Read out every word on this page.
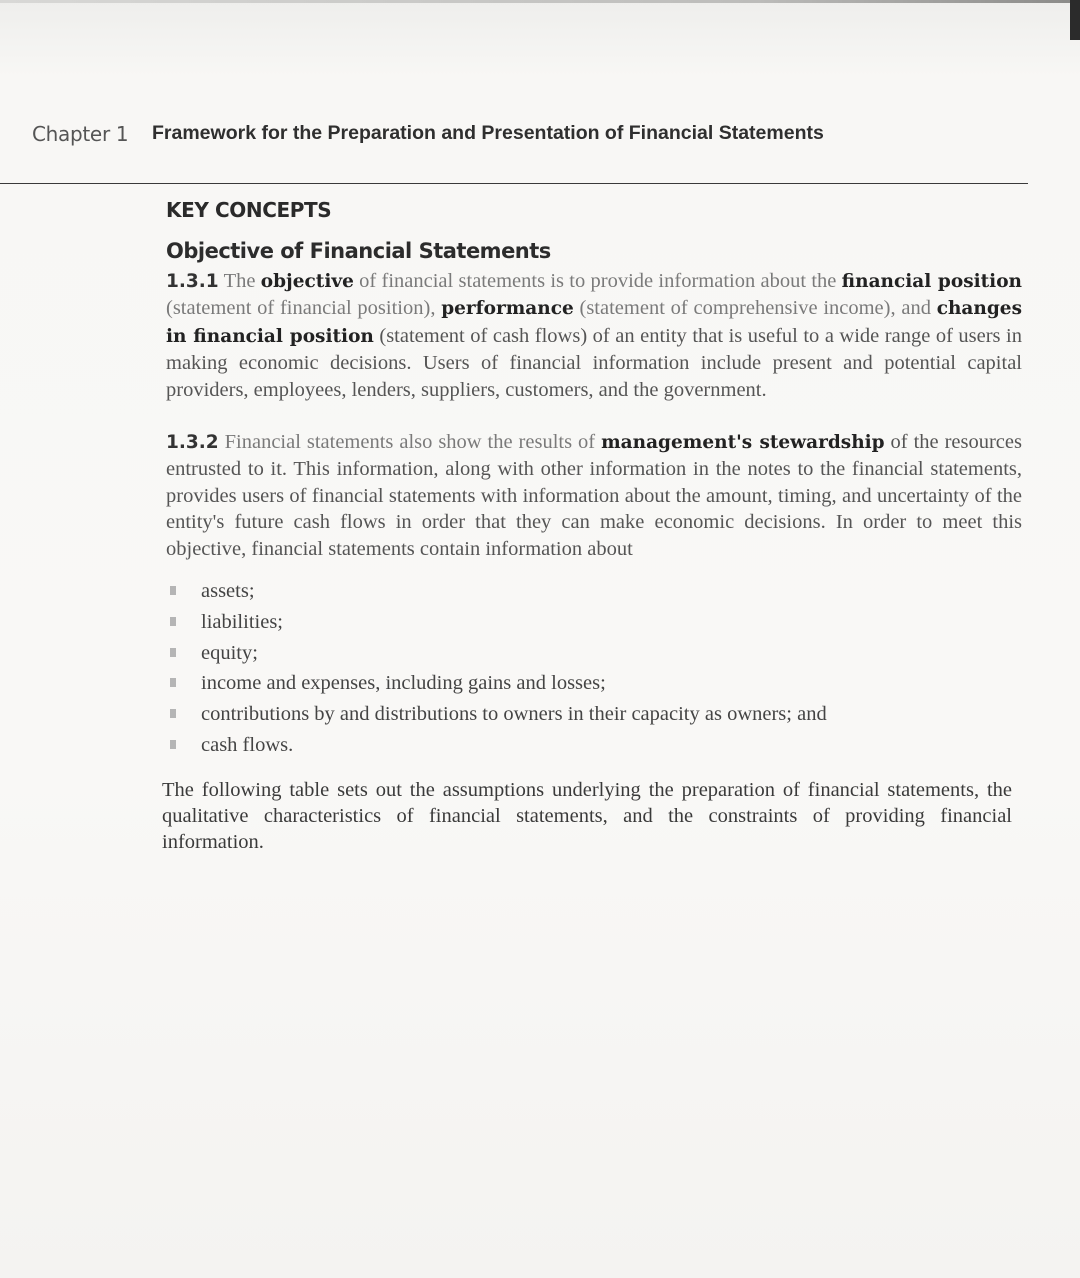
Chapter 1 Framework for the Preparation and Presentation of Financial Statements
KEY CONCEPTS
Objective of Financial Statements

1.3.1 The objective of financial statements is to provide information about the financial position (statement of financial position), performance (statement of comprehensive income), and changes in financial position (statement of cash flows) of an entity that is useful to a wide range of users in making economic decisions. Users of financial information include present and potential capital providers, employees, lenders, suppliers, customers, and the government.

1.3.2 Financial statements also show the results of management's stewardship of the resources entrusted to it. This information, along with other information in the notes to the financial statements, provides users of financial statements with information about the amount, timing, and uncertainty of the entity's future cash flows in order that they can make economic decisions. In order to meet this objective, financial statements contain information about

assets;
liabilities;
equity;
income and expenses, including gains and losses;
contributions by and distributions to owners in their capacity as owners; and
cash flows.

The following table sets out the assumptions underlying the preparation of financial statements, the qualitative characteristics of financial statements, and the constraints of providing financial information.
